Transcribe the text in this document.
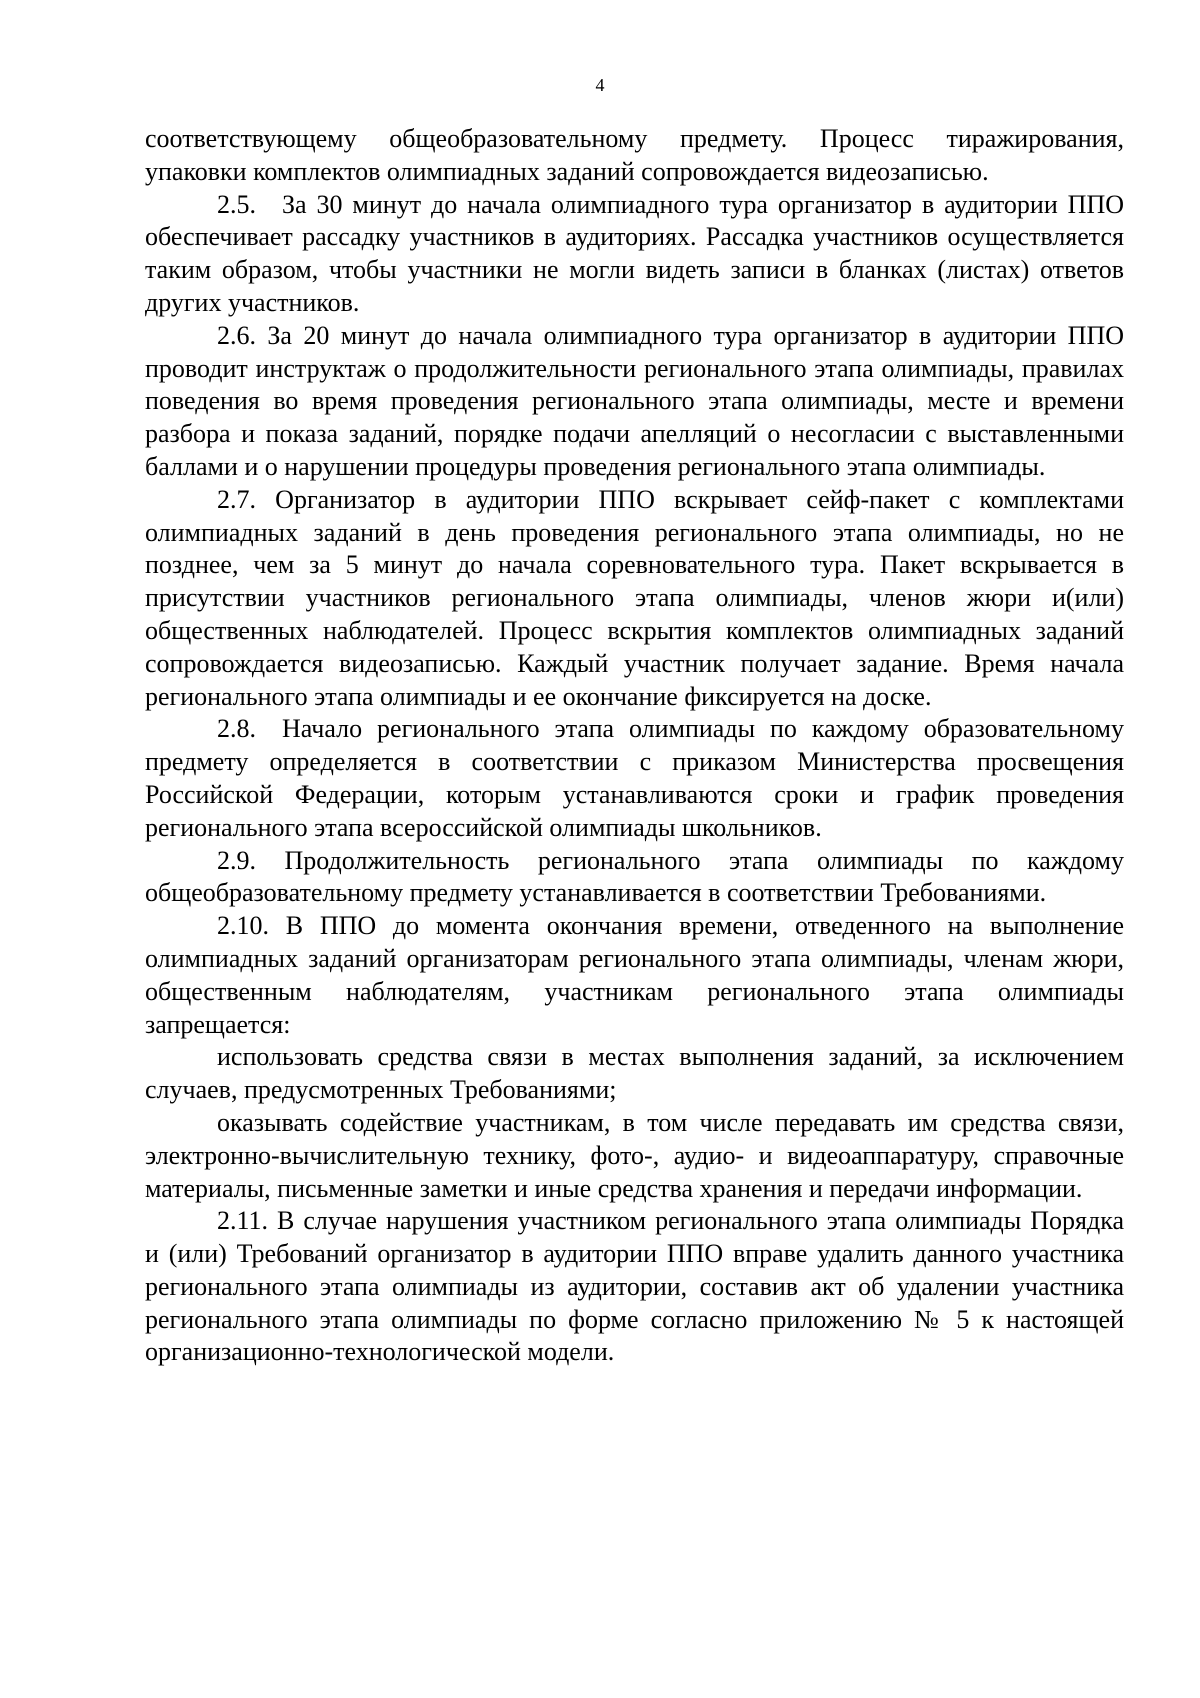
4

соответствующему общеобразовательному предмету. Процесс тиражирования, упаковки комплектов олимпиадных заданий сопровождается видеозаписью.

2.5. За 30 минут до начала олимпиадного тура организатор в аудитории ППО обеспечивает рассадку участников в аудиториях. Рассадка участников осуществляется таким образом, чтобы участники не могли видеть записи в бланках (листах) ответов других участников.

2.6. За 20 минут до начала олимпиадного тура организатор в аудитории ППО проводит инструктаж о продолжительности регионального этапа олимпиады, правилах поведения во время проведения регионального этапа олимпиады, месте и времени разбора и показа заданий, порядке подачи апелляций о несогласии с выставленными баллами и о нарушении процедуры проведения регионального этапа олимпиады.

2.7. Организатор в аудитории ППО вскрывает сейф-пакет с комплектами олимпиадных заданий в день проведения регионального этапа олимпиады, но не позднее, чем за 5 минут до начала соревновательного тура. Пакет вскрывается в присутствии участников регионального этапа олимпиады, членов жюри и(или) общественных наблюдателей. Процесс вскрытия комплектов олимпиадных заданий сопровождается видеозаписью. Каждый участник получает задание. Время начала регионального этапа олимпиады и ее окончание фиксируется на доске.

2.8. Начало регионального этапа олимпиады по каждому образовательному предмету определяется в соответствии с приказом Министерства просвещения Российской Федерации, которым устанавливаются сроки и график проведения регионального этапа всероссийской олимпиады школьников.

2.9. Продолжительность регионального этапа олимпиады по каждому общеобразовательному предмету устанавливается в соответствии Требованиями.

2.10. В ППО до момента окончания времени, отведенного на выполнение олимпиадных заданий организаторам регионального этапа олимпиады, членам жюри, общественным наблюдателям, участникам регионального этапа олимпиады запрещается:

использовать средства связи в местах выполнения заданий, за исключением случаев, предусмотренных Требованиями;

оказывать содействие участникам, в том числе передавать им средства связи, электронно-вычислительную технику, фото-, аудио- и видеоаппаратуру, справочные материалы, письменные заметки и иные средства хранения и передачи информации.

2.11. В случае нарушения участником регионального этапа олимпиады Порядка и (или) Требований организатор в аудитории ППО вправе удалить данного участника регионального этапа олимпиады из аудитории, составив акт об удалении участника регионального этапа олимпиады по форме согласно приложению № 5 к настоящей организационно-технологической модели.
